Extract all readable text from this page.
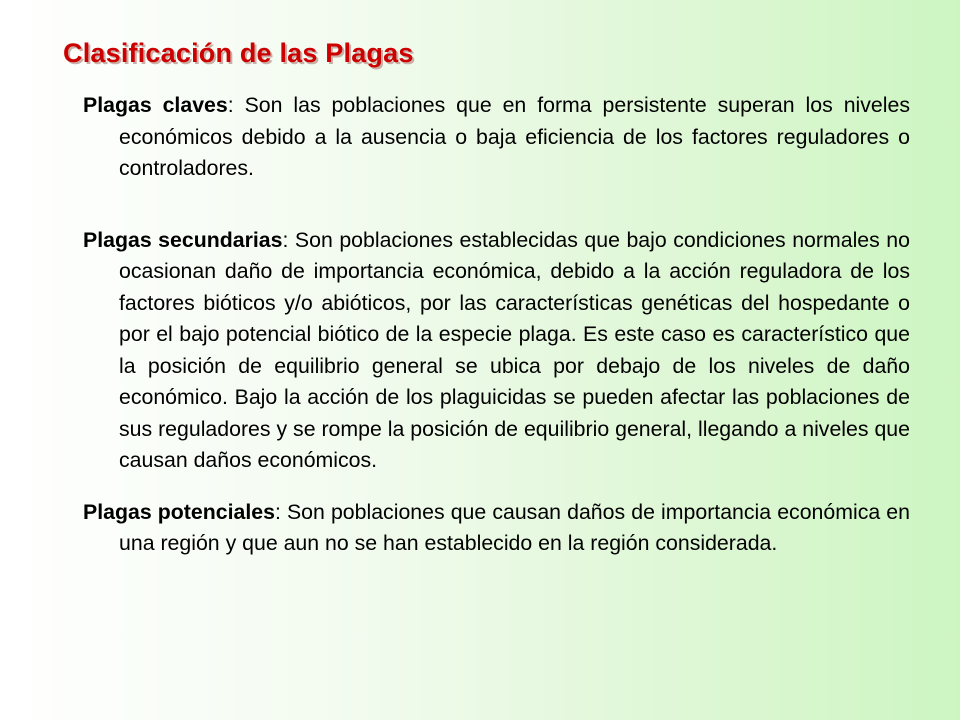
Clasificación de las Plagas

Plagas claves: Son las poblaciones que en forma persistente superan los niveles económicos debido a la ausencia o baja eficiencia de los factores reguladores o controladores.

Plagas secundarias: Son poblaciones establecidas que bajo condiciones normales no ocasionan daño de importancia económica, debido a la acción reguladora de los factores bióticos y/o abióticos, por las características genéticas del hospedante o por el bajo potencial biótico de la especie plaga. Es este caso es característico que la posición de equilibrio general se ubica por debajo de los niveles de daño económico. Bajo la acción de los plaguicidas se pueden afectar las poblaciones de sus reguladores y se rompe la posición de equilibrio general, llegando a niveles que causan daños económicos.

Plagas potenciales: Son poblaciones que causan daños de importancia económica en una región y que aun no se han establecido en la región considerada.
